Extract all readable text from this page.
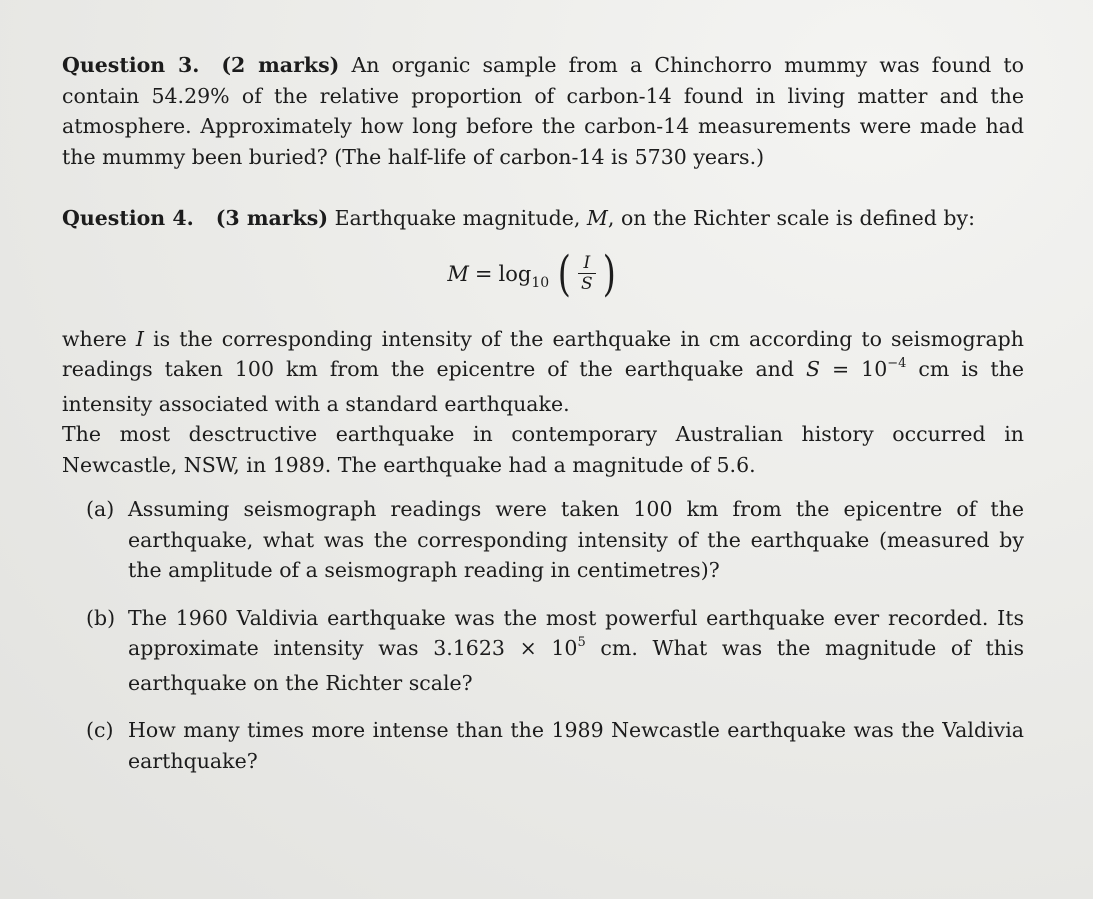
Question 3. (2 marks) An organic sample from a Chinchorro mummy was found to contain 54.29% of the relative proportion of carbon-14 found in living matter and the atmosphere. Approximately how long before the carbon-14 measurements were made had the mummy been buried? (The half-life of carbon-14 is 5730 years.)

Question 4. (3 marks) Earthquake magnitude, M, on the Richter scale is defined by:

$M = \log_{10}$ ( $\frac{I}{S}$ )

where I is the corresponding intensity of the earthquake in cm according to seismograph readings taken 100 km from the epicentre of the earthquake and $S = 10^{-4}$ cm is the intensity associated with a standard earthquake.

The most desctructive earthquake in contemporary Australian history occurred in Newcastle, NSW, in 1989. The earthquake had a magnitude of 5.6.

(a) Assuming seismograph readings were taken 100 km from the epicentre of the earthquake, what was the corresponding intensity of the earthquake (measured by the amplitude of a seismograph reading in centimetres)?
(b) The 1960 Valdivia earthquake was the most powerful earthquake ever recorded. Its approximate intensity was $3.1623 \times 10^5$ cm. What was the magnitude of this earthquake on the Richter scale?
(c) How many times more intense than the 1989 Newcastle earthquake was the Valdivia earthquake?
